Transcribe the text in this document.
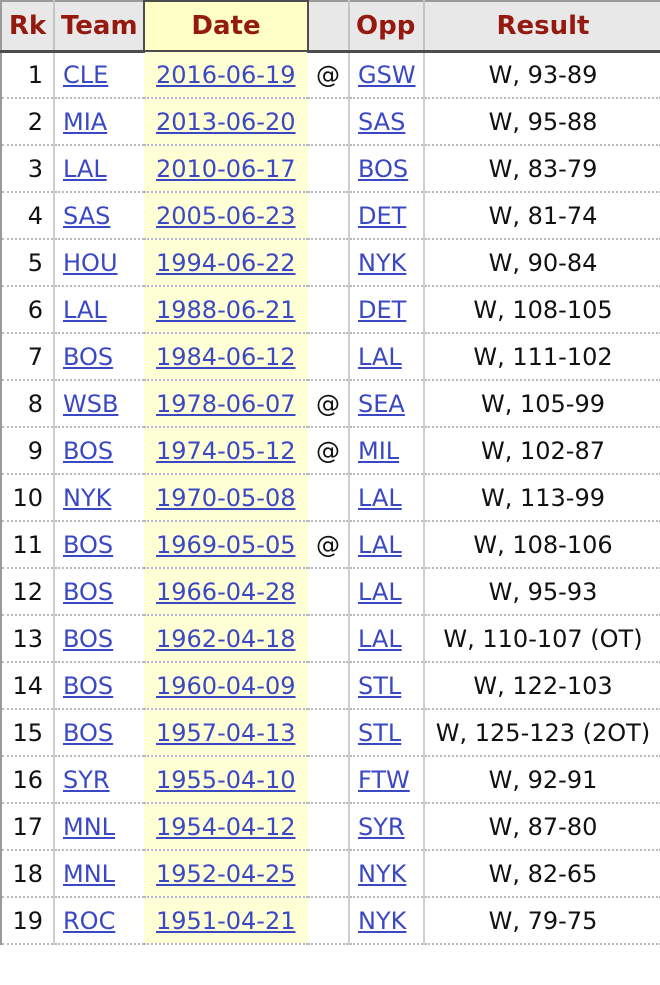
Rk	Team	Date		Opp	Result
1	CLE	2016-06-19	@	GSW	W, 93-89
2	MIA	2013-06-20		SAS	W, 95-88
3	LAL	2010-06-17		BOS	W, 83-79
4	SAS	2005-06-23		DET	W, 81-74
5	HOU	1994-06-22		NYK	W, 90-84
6	LAL	1988-06-21		DET	W, 108-105
7	BOS	1984-06-12		LAL	W, 111-102
8	WSB	1978-06-07	@	SEA	W, 105-99
9	BOS	1974-05-12	@	MIL	W, 102-87
10	NYK	1970-05-08		LAL	W, 113-99
11	BOS	1969-05-05	@	LAL	W, 108-106
12	BOS	1966-04-28		LAL	W, 95-93
13	BOS	1962-04-18		LAL	W, 110-107 (OT)
14	BOS	1960-04-09		STL	W, 122-103
15	BOS	1957-04-13		STL	W, 125-123 (2OT)
16	SYR	1955-04-10		FTW	W, 92-91
17	MNL	1954-04-12		SYR	W, 87-80
18	MNL	1952-04-25		NYK	W, 82-65
19	ROC	1951-04-21		NYK	W, 79-75
